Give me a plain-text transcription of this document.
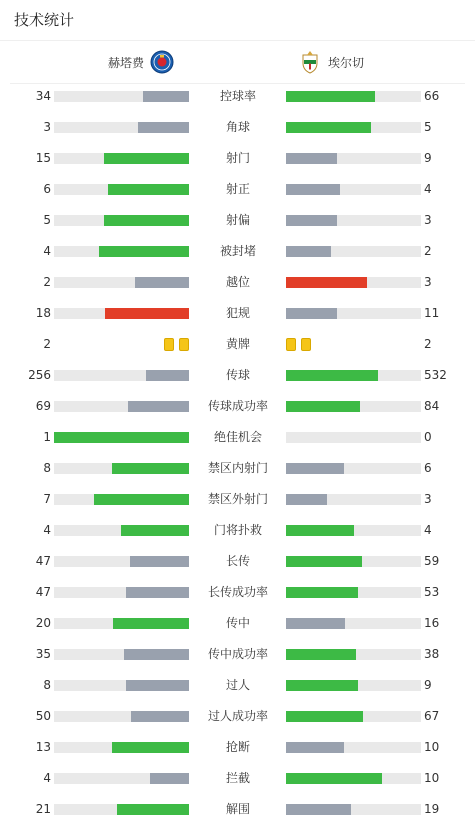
技术统计
赫塔费	埃尔切
34	控球率	66
3	角球	5
15	射门	9
6	射正	4
5	射偏	3
4	被封堵	2
2	越位	3
18	犯规	11
2	黄牌	2
256	传球	532
69	传球成功率	84
1	绝佳机会	0
8	禁区内射门	6
7	禁区外射门	3
4	门将扑救	4
47	长传	59
47	长传成功率	53
20	传中	16
35	传中成功率	38
8	过人	9
50	过人成功率	67
13	抢断	10
4	拦截	10
21	解围	19
